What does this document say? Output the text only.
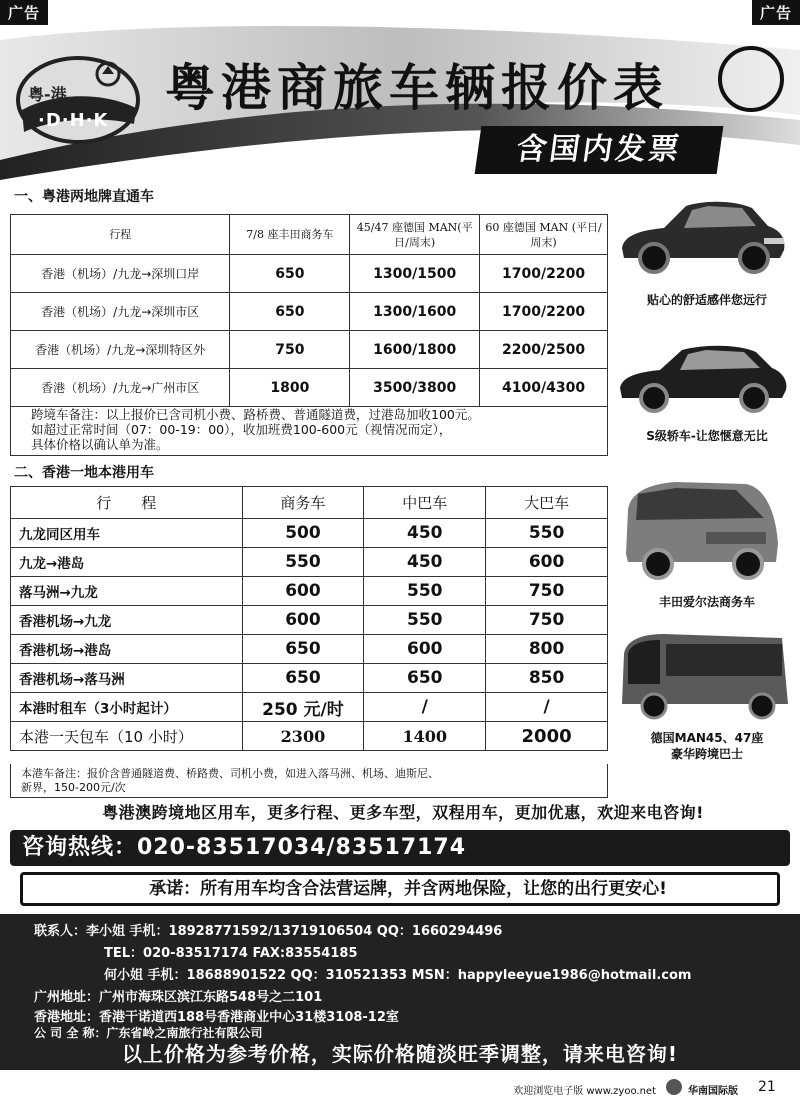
广告	广告
粤-港
·D·H·K
粤港商旅车辆报价表
含国内发票
一、粤港两地牌直通车
行程	7/8 座丰田商务车	45/47 座德国 MAN(平日/周末)	60 座德国 MAN (平日/周末)
香港（机场）/九龙→深圳口岸	650	1300/1500	1700/2200
香港（机场）/九龙→深圳市区	650	1300/1600	1700/2200
香港（机场）/九龙→深圳特区外	750	1600/1800	2200/2500
香港（机场）/九龙→广州市区	1800	3500/3800	4100/4300
跨境车备注：以上报价已含司机小费、路桥费、普通隧道费，过港岛加收100元。
如超过正常时间（07：00-19：00），收加班费100-600元（视情况而定），
具体价格以确认单为准。
二、香港一地本港用车
行　　程	商务车	中巴车	大巴车
九龙同区用车	500	450	550
九龙→港岛	550	450	600
落马洲→九龙	600	550	750
香港机场→九龙	600	550	750
香港机场→港岛	650	600	800
香港机场→落马洲	650	650	850
本港时租车（3小时起计）	250 元/时	/	/
本港一天包车（10 小时）	2300	1400	2000
本港车备注：报价含普通隧道费、桥路费、司机小费，如进入落马洲、机场、迪斯尼、
新界，150-200元/次
贴心的舒适感伴您远行
S级轿车-让您惬意无比
丰田爱尔法商务车
德国MAN45、47座
豪华跨境巴士
粤港澳跨境地区用车，更多行程、更多车型，双程用车，更加优惠，欢迎来电咨询!
咨询热线：020-83517034/83517174
承诺：所有用车均含合法营运牌，并含两地保险，让您的出行更安心!
联系人：李小姐 手机：18928771592/13719106504 QQ：1660294496
TEL：020-83517174 FAX:83554185
何小姐 手机：18688901522 QQ：310521353 MSN：happyleeyue1986@hotmail.com
广州地址：广州市海珠区滨江东路548号之二101
香港地址：香港干诺道西188号香港商业中心31楼3108-12室
公 司 全 称：广东省岭之南旅行社有限公司
以上价格为参考价格，实际价格随淡旺季调整，请来电咨询!
欢迎浏览电子版 www.zyoo.net	华南国际版 21
